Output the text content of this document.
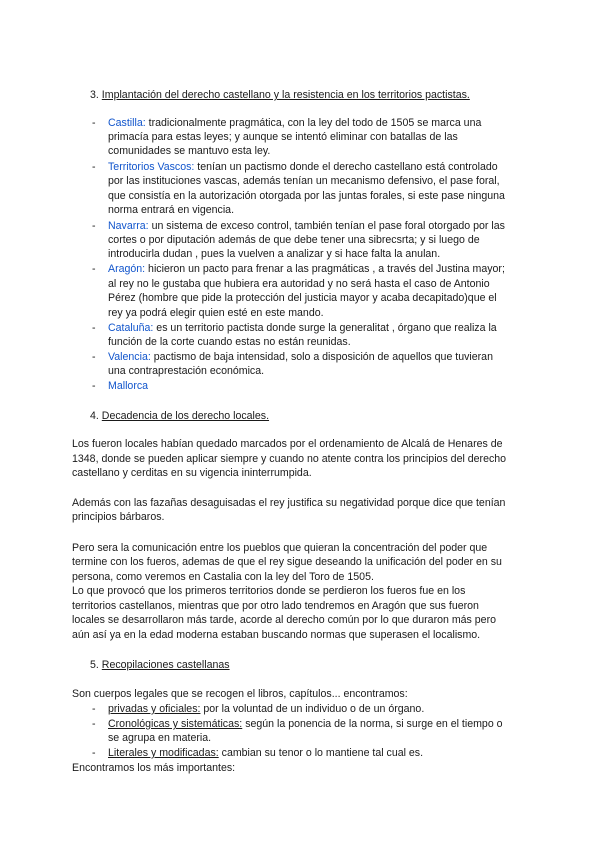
3. Implantación del derecho castellano y la resistencia en los territorios pactistas.
- Castilla: tradicionalmente pragmática, con la ley del todo de 1505 se marca una
primacía para estas leyes; y aunque se intentó eliminar con batallas de las
comunidades se mantuvo esta ley.
- Territorios Vascos: tenían un pactismo donde el derecho castellano está controlado
por las instituciones vascas, además tenían un mecanismo defensivo, el pase foral,
que consistía en la autorización otorgada por las juntas forales, si este pase ninguna
norma entrará en vigencia.
- Navarra: un sistema de exceso control, también tenían el pase foral otorgado por las
cortes o por diputación además de que debe tener una sibrecsrta; y si luego de
introducirla dudan , pues la vuelven a analizar y si hace falta la anulan.
- Aragón: hicieron un pacto para frenar a las pragmáticas , a través del Justina mayor;
al rey no le gustaba que hubiera era autoridad y no será hasta el caso de Antonio
Pérez (hombre que pide la protección del justicia mayor y acaba decapitado)que el
rey ya podrá elegir quien esté en este mando.
- Cataluña: es un territorio pactista donde surge la generalitat , órgano que realiza la
función de la corte cuando estas no están reunidas.
- Valencia: pactismo de baja intensidad, solo a disposición de aquellos que tuvieran
una contraprestación económica.
- Mallorca
4. Decadencia de los derecho locales.
Los fueron locales habían quedado marcados por el ordenamiento de Alcalá de Henares de
1348, donde se pueden aplicar siempre y cuando no atente contra los principios del derecho
castellano y cerditas en su vigencia ininterrumpida.
Además con las fazañas desaguisadas el rey justifica su negatividad porque dice que tenían
principios bárbaros.
Pero sera la comunicación entre los pueblos que quieran la concentración del poder que
termine con los fueros, ademas de que el rey sigue deseando la unificación del poder en su
persona, como veremos en Castalia con la ley del Toro de 1505.
Lo que provocó que los primeros territorios donde se perdieron los fueros fue en los
territorios castellanos, mientras que por otro lado tendremos en Aragón que sus fueron
locales se desarrollaron más tarde, acorde al derecho común por lo que duraron más pero
aún así ya en la edad moderna estaban buscando normas que superasen el localismo.
5. Recopilaciones castellanas
Son cuerpos legales que se recogen el libros, capítulos... encontramos:
- privadas y oficiales: por la voluntad de un individuo o de un órgano.
- Cronológicas y sistemáticas: según la ponencia de la norma, si surge en el tiempo o
se agrupa en materia.
- Literales y modificadas: cambian su tenor o lo mantiene tal cual es.
Encontramos los más importantes:
